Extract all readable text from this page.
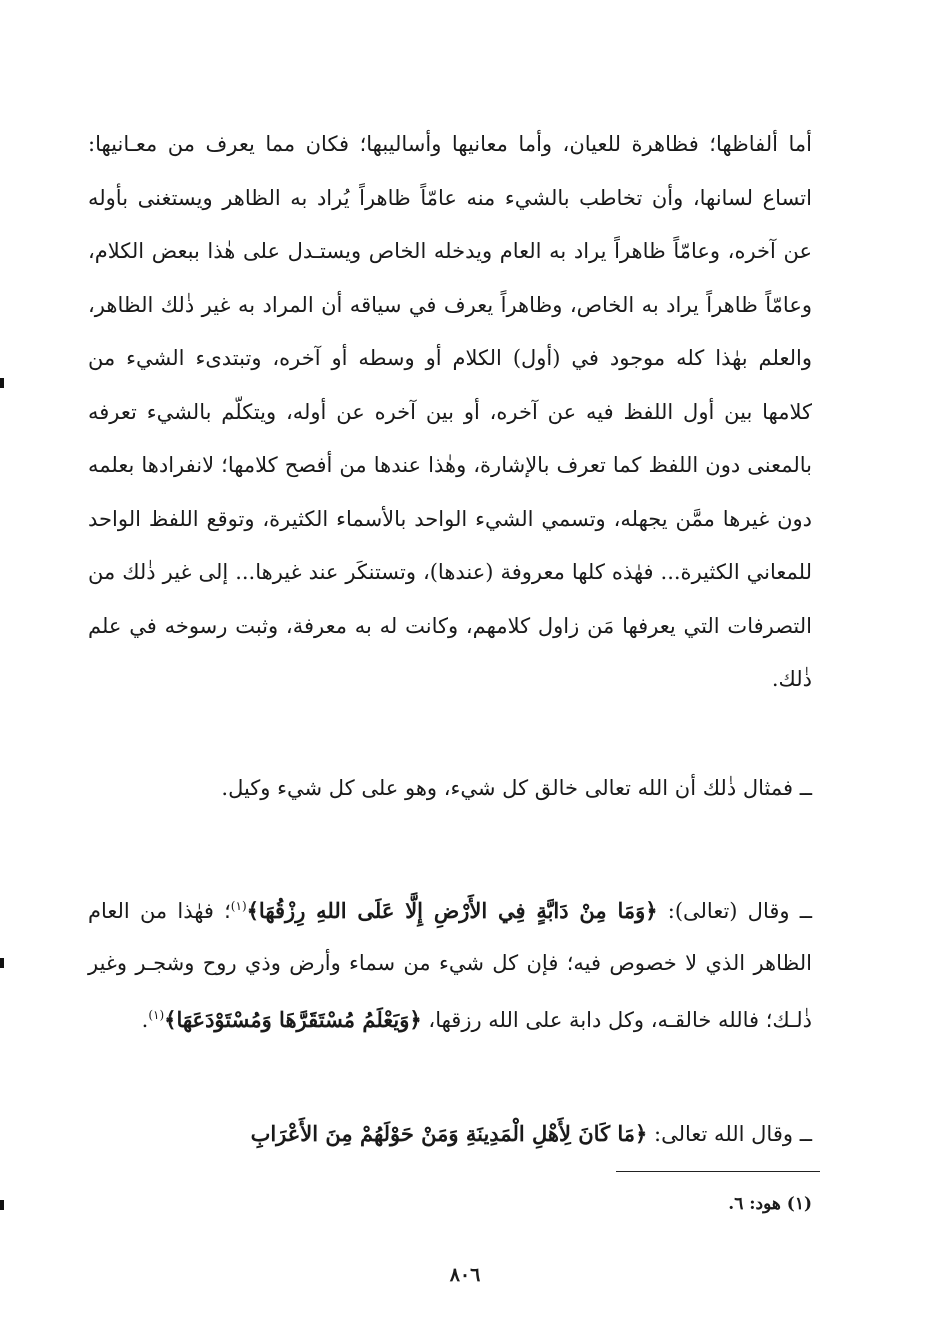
أما ألفاظها؛ فظاهرة للعيان، وأما معانيها وأساليبها؛ فكان مما يعرف من معـانيها: اتساع لسانها، وأن تخاطب بالشيء منه عامّاً ظاهراً يُراد به الظاهر ويستغنى بأوله عن آخره، وعامّاً ظاهراً يراد به العام ويدخله الخاص ويستـدل على هٰذا ببعض الكلام، وعامّاً ظاهراً يراد به الخاص، وظاهراً يعرف في سياقه أن المراد به غير ذٰلك الظاهر، والعلم بهٰذا كله موجود في (أول) الكلام أو وسطه أو آخره، وتبتدىء الشيء من كلامها بين أول اللفظ فيه عن آخره، أو بين آخره عن أوله، ويتكلّم بالشيء تعرفه بالمعنى دون اللفظ كما تعرف بالإشارة، وهٰذا عندها من أفصح كلامها؛ لانفرادها بعلمه دون غيرها ممَّن يجهله، وتسمي الشيء الواحد بالأسماء الكثيرة، وتوقع اللفظ الواحد للمعاني الكثيرة... فهٰذه كلها معروفة (عندها)، وتستنكَر عند غيرها... إلى غير ذٰلك من التصرفات التي يعرفها مَن زاول كلامهم، وكانت له به معرفة، وثبت رسوخه في علم ذٰلك.

ــ فمثال ذٰلك أن الله تعالى خالق كل شيء، وهو على كل شيء وكيل.

ــ وقال (تعالى): ﴿وَمَا مِنْ دَابَّةٍ فِي الأَرْضِ إِلَّا عَلَى اللهِ رِزْقُهَا﴾$^{(١)}$؛ فهٰذا من العام الظاهر الذي لا خصوص فيه؛ فإن كل شيء من سماء وأرض وذي روح وشجـر وغير ذٰلـك؛ فالله خالقـه، وكل دابة على الله رزقها، ﴿وَيَعْلَمُ مُسْتَقَرَّهَا وَمُسْتَوْدَعَهَا﴾$^{(١)}$.

ــ وقال الله تعالى: ﴿مَا كَانَ لِأَهْلِ الْمَدِينَةِ وَمَنْ حَوْلَهُمْ مِنَ الأَعْرَابِ

(١) هود: ٦.
٨٠٦
